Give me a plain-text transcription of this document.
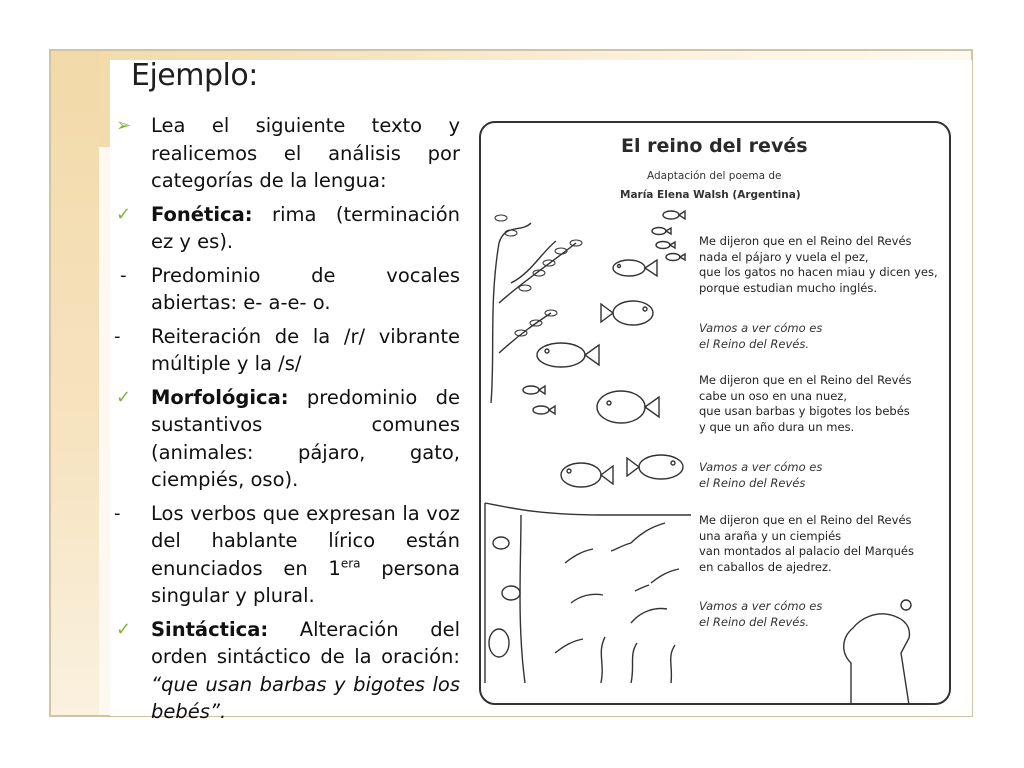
Ejemplo:
➢ Lea el siguiente texto y realicemos el análisis por categorías de la lengua:
✓ Fonética: rima (terminación ez y es).
-	Predominio de vocales abiertas: e- a-e- o.
-	Reiteración de la /r/ vibrante múltiple y la /s/
✓ Morfológica: predominio de sustantivos comunes (animales: pájaro, gato, ciempiés, oso).
-	Los verbos que expresan la voz del hablante lírico están enunciados en $1^{era}$ persona singular y plural.
✓ Sintáctica: Alteración del orden sintáctico de la oración: “que usan barbas y bigotes los bebés”.
El reino del revés
Adaptación del poema de
María Elena Walsh (Argentina)
Me dijeron que en el Reino del Revés
nada el pájaro y vuela el pez,
que los gatos no hacen miau y dicen yes,
porque estudian mucho inglés.
Vamos a ver cómo es
el Reino del Revés.
Me dijeron que en el Reino del Revés
cabe un oso en una nuez,
que usan barbas y bigotes los bebés
y que un año dura un mes.
Vamos a ver cómo es
el Reino del Revés
Me dijeron que en el Reino del Revés
una araña y un ciempiés
van montados al palacio del Marqués
en caballos de ajedrez.
Vamos a ver cómo es
el Reino del Revés.
